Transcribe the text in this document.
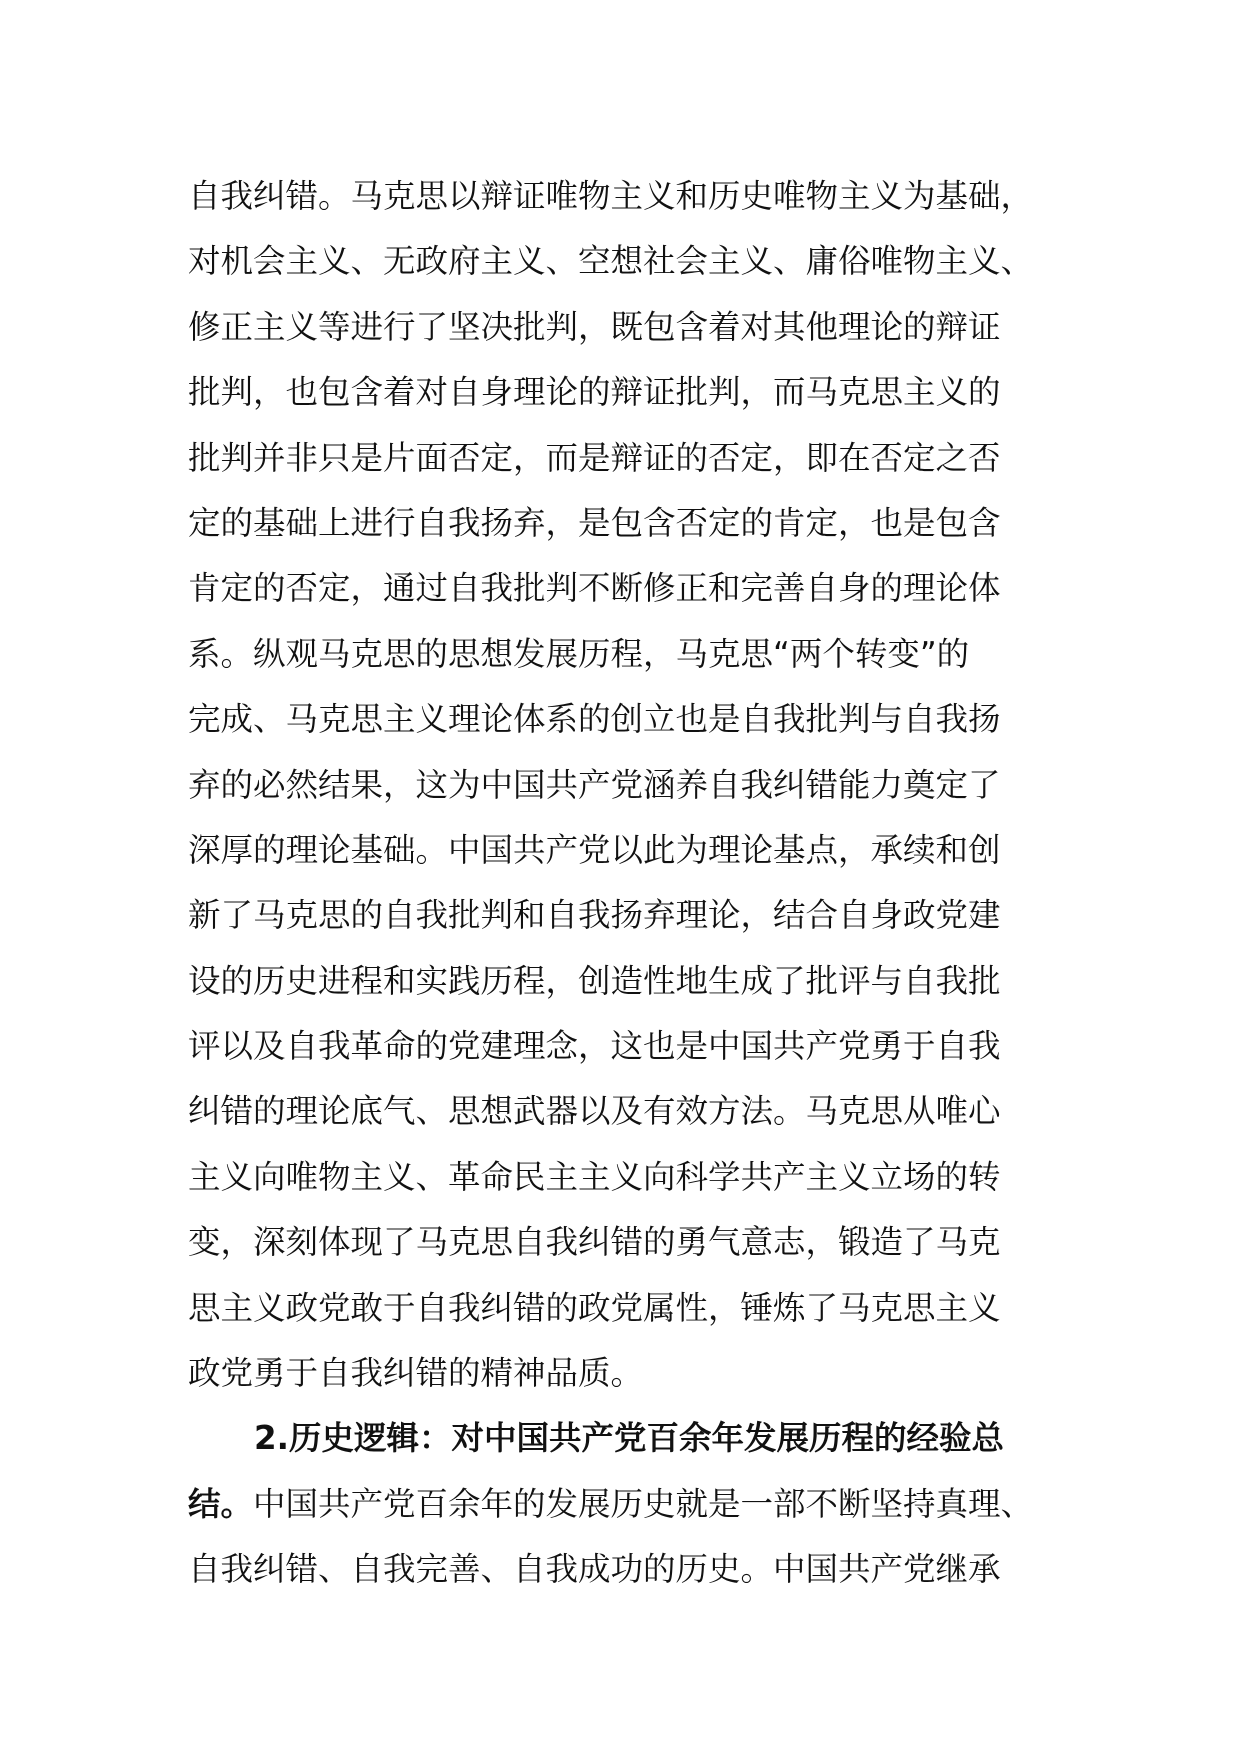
自我纠错。马克思以辩证唯物主义和历史唯物主义为基础，
对机会主义、无政府主义、空想社会主义、庸俗唯物主义、
修正主义等进行了坚决批判，既包含着对其他理论的辩证
批判，也包含着对自身理论的辩证批判，而马克思主义的
批判并非只是片面否定，而是辩证的否定，即在否定之否
定的基础上进行自我扬弃，是包含否定的肯定，也是包含
肯定的否定，通过自我批判不断修正和完善自身的理论体
系。纵观马克思的思想发展历程，马克思“两个转变”的
完成、马克思主义理论体系的创立也是自我批判与自我扬
弃的必然结果，这为中国共产党涵养自我纠错能力奠定了
深厚的理论基础。中国共产党以此为理论基点，承续和创
新了马克思的自我批判和自我扬弃理论，结合自身政党建
设的历史进程和实践历程，创造性地生成了批评与自我批
评以及自我革命的党建理念，这也是中国共产党勇于自我
纠错的理论底气、思想武器以及有效方法。马克思从唯心
主义向唯物主义、革命民主主义向科学共产主义立场的转
变，深刻体现了马克思自我纠错的勇气意志，锻造了马克
思主义政党敢于自我纠错的政党属性，锤炼了马克思主义
政党勇于自我纠错的精神品质。
2.历史逻辑：对中国共产党百余年发展历程的经验总
结。中国共产党百余年的发展历史就是一部不断坚持真理、
自我纠错、自我完善、自我成功的历史。中国共产党继承
